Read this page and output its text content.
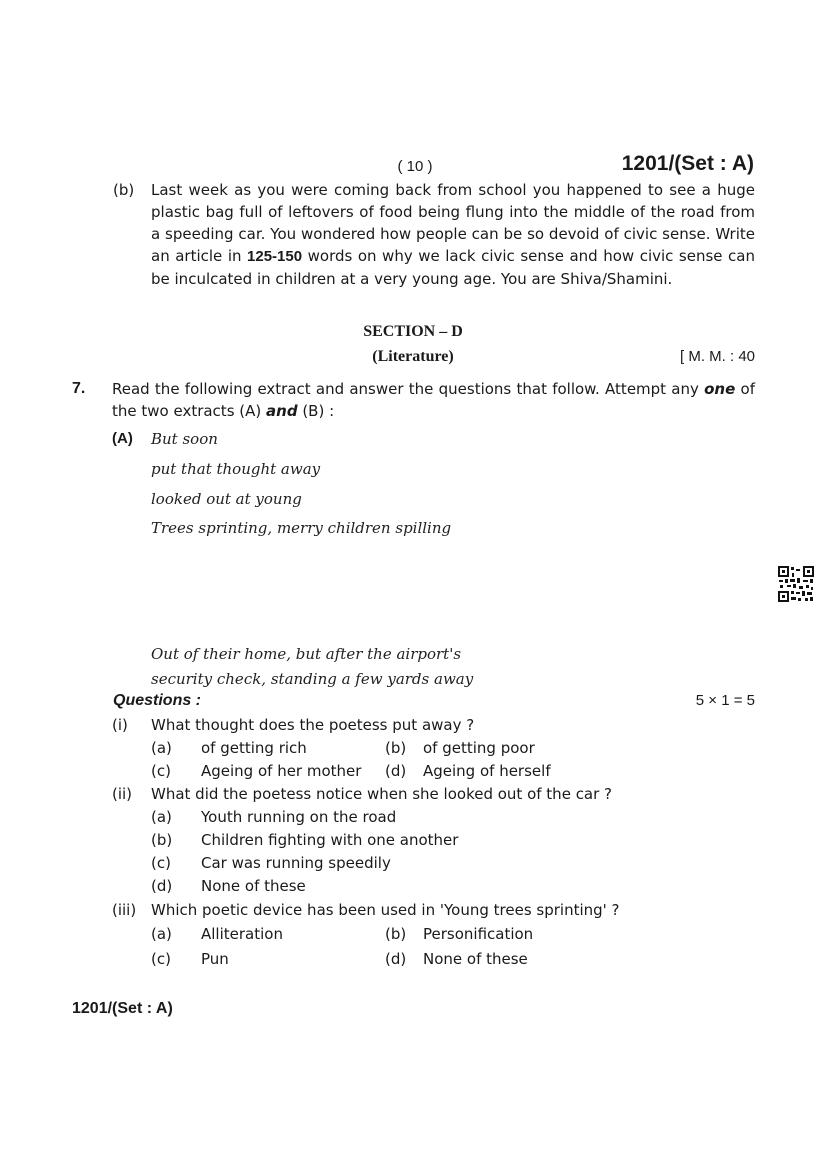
( 10 )	1201/(Set : A)
(b) Last week as you were coming back from school you happened to see a huge plastic bag full of leftovers of food being flung into the middle of the road from a speeding car. You wondered how people can be so devoid of civic sense. Write an article in 125-150 words on why we lack civic sense and how civic sense can be inculcated in children at a very young age. You are Shiva/Shamini.
SECTION – D
(Literature)	[ M. M. : 40
7. Read the following extract and answer the questions that follow. Attempt any one of the two extracts (A) and (B) :
(A) But soon
put that thought away
looked out at young
Trees sprinting, merry children spilling
Out of their home, but after the airport's
security check, standing a few yards away
Questions :	5 × 1 = 5
(i) What thought does the poetess put away ?
(a) of getting rich	(b) of getting poor
(c) Ageing of her mother (d) Ageing of herself
(ii) What did the poetess notice when she looked out of the car ?
(a) Youth running on the road
(b) Children fighting with one another
(c) Car was running speedily
(d) None of these
(iii) Which poetic device has been used in 'Young trees sprinting' ?
(a) Alliteration	(b) Personification
(c) Pun	(d) None of these
1201/(Set : A)
